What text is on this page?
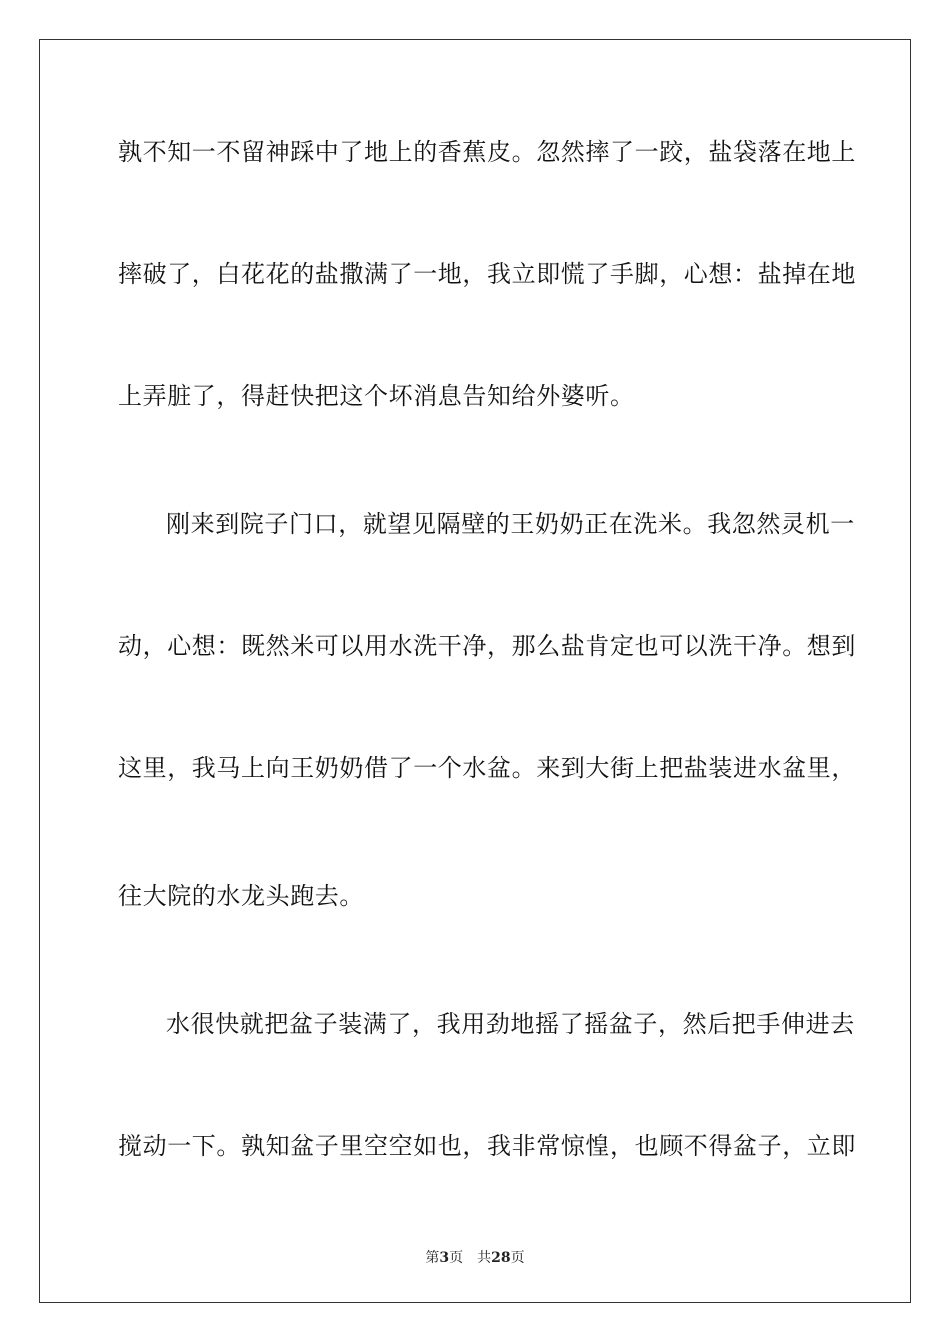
孰不知一不留神踩中了地上的香蕉皮。忽然摔了一跤，盐袋落在地上
摔破了，白花花的盐撒满了一地，我立即慌了手脚，心想：盐掉在地
上弄脏了，得赶快把这个坏消息告知给外婆听。
刚来到院子门口，就望见隔壁的王奶奶正在洗米。我忽然灵机一
动，心想：既然米可以用水洗干净，那么盐肯定也可以洗干净。想到
这里，我马上向王奶奶借了一个水盆。来到大街上把盐装进水盆里，
往大院的水龙头跑去。
水很快就把盆子装满了，我用劲地摇了摇盆子，然后把手伸进去
搅动一下。孰知盆子里空空如也，我非常惊惶，也顾不得盆子，立即
第3页 共28页
